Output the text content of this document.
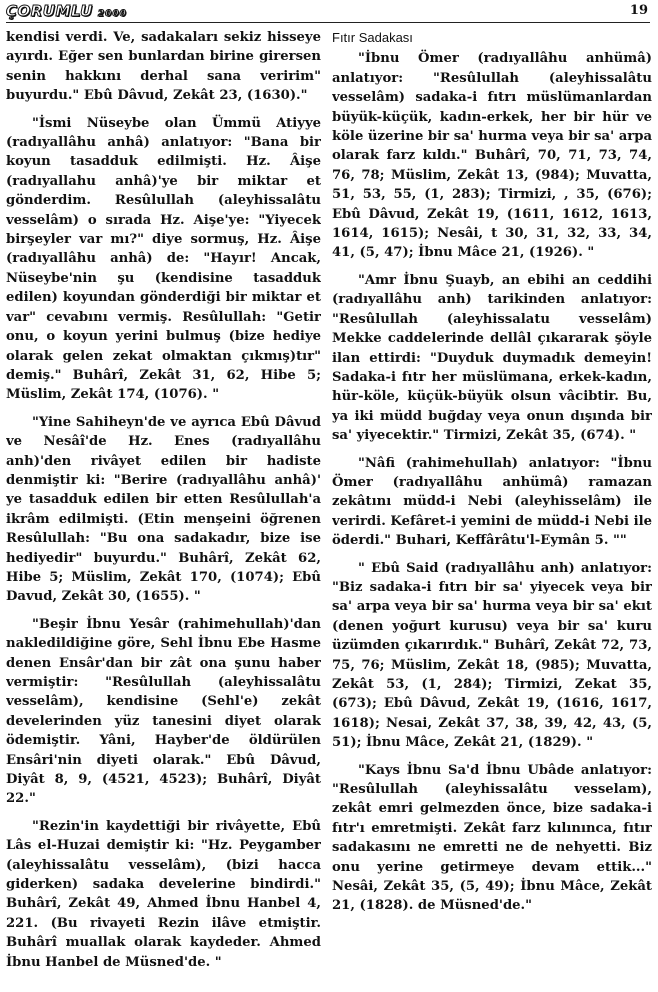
ÇORUMLU 2000	19

kendisi verdi. Ve, sadakaları sekiz hisseye ayırdı. Eğer sen bunlardan birine girersen senin hakkını derhal sana veririm" buyurdu." Ebû Dâvud, Zekât 23, (1630)."

"İsmi Nüseybe olan Ümmü Atiyye (radıyallâhu anhâ) anlatıyor: "Bana bir koyun tasadduk edilmişti. Hz. Âişe (radıyallahu anhâ)'ye bir miktar et gönderdim. Resûlullah (aleyhissalâtu vesselâm) o sırada Hz. Aişe'ye: "Yiyecek birşeyler var mı?" diye sormuş, Hz. Âişe (radıyallâhu anhâ) de: "Hayır! Ancak, Nüseybe'nin şu (kendisine tasadduk edilen) koyundan gönderdiği bir miktar et var" cevabını vermiş. Resûlullah: "Getir onu, o koyun yerini bulmuş (bize hediye olarak gelen zekat olmaktan çıkmış)tır" demiş." Buhârî, Zekât 31, 62, Hibe 5; Müslim, Zekât 174, (1076). "

"Yine Sahiheyn'de ve ayrıca Ebû Dâvud ve Nesâî'de Hz. Enes (radıyallâhu anh)'den rivâyet edilen bir hadiste denmiştir ki: "Berire (radıyallâhu anhâ)' ye tasadduk edilen bir etten Resûlullah'a ikrâm edilmişti. (Etin menşeini öğrenen Resûlullah: "Bu ona sadakadır, bize ise hediyedir" buyurdu." Buhârî, Zekât 62, Hibe 5; Müslim, Zekât 170, (1074); Ebû Davud, Zekât 30, (1655). "

"Beşir İbnu Yesâr (rahimehullah)'dan nakledildiğine göre, Sehl İbnu Ebe Hasme denen Ensâr'dan bir zât ona şunu haber vermiştir: "Resûlullah (aleyhissalâtu vesselâm), kendisine (Sehl'e) zekât develerinden yüz tanesini diyet olarak ödemiştir. Yâni, Hayber'de öldürülen Ensâri'nin diyeti olarak." Ebû Dâvud, Diyât 8, 9, (4521, 4523); Buhârî, Diyât 22."

"Rezin'in kaydettiği bir rivâyette, Ebû Lâs el-Huzai demiştir ki: "Hz. Peygamber (aleyhissalâtu vesselâm), (bizi hacca giderken) sadaka develerine bindirdi." Buhârî, Zekât 49, Ahmed İbnu Hanbel 4, 221. (Bu rivayeti Rezin ilâve etmiştir. Buhârî muallak olarak kaydeder. Ahmed İbnu Hanbel de Müsned'de. "

Fıtır Sadakası

"İbnu Ömer (radıyallâhu anhümâ) anlatıyor: "Resûlullah (aleyhissalâtu vesselâm) sadaka-i fıtrı müslümanlardan büyük-küçük, kadın-erkek, her bir hür ve köle üzerine bir sa' hurma veya bir sa' arpa olarak farz kıldı." Buhârî, 70, 71, 73, 74, 76, 78; Müslim, Zekât 13, (984); Muvatta, 51, 53, 55, (1, 283); Tirmizi, , 35, (676); Ebû Dâvud, Zekât 19, (1611, 1612, 1613, 1614, 1615); Nesâi, t 30, 31, 32, 33, 34, 41, (5, 47); İbnu Mâce 21, (1926). "

"Amr İbnu Şuayb, an ebihi an ceddihi (radıyallâhu anh) tarikinden anlatıyor: "Resûlullah (aleyhissalatu vesselâm) Mekke caddelerinde dellâl çıkararak şöyle ilan ettirdi: "Duyduk duymadık demeyin! Sadaka-i fıtr her müslümana, erkek-kadın, hür-köle, küçük-büyük olsun vâcibtir. Bu, ya iki müdd buğday veya onun dışında bir sa' yiyecektir." Tirmizi, Zekât 35, (674). "

"Nâfi (rahimehullah) anlatıyor: "İbnu Ömer (radıyallâhu anhümâ) ramazan zekâtını müdd-i Nebi (aleyhisselâm) ile verirdi. Kefâret-i yemini de müdd-i Nebi ile öderdi." Buhari, Keffârâtu'l-Eymân 5. ""

" Ebû Said (radıyallâhu anh) anlatıyor: "Biz sadaka-i fıtrı bir sa' yiyecek veya bir sa' arpa veya bir sa' hurma veya bir sa' ekıt (denen yoğurt kurusu) veya bir sa' kuru üzümden çıkarırdık." Buhârî, Zekât 72, 73, 75, 76; Müslim, Zekât 18, (985); Muvatta, Zekât 53, (1, 284); Tirmizi, Zekat 35, (673); Ebû Dâvud, Zekât 19, (1616, 1617, 1618); Nesai, Zekât 37, 38, 39, 42, 43, (5, 51); İbnu Mâce, Zekât 21, (1829). "

"Kays İbnu Sa'd İbnu Ubâde anlatıyor: "Resûlullah (aleyhissalâtu vesselam), zekât emri gelmezden önce, bize sadaka-i fıtr'ı emretmişti. Zekât farz kılınınca, fıtır sadakasını ne emretti ne de nehyetti. Biz onu yerine getirmeye devam ettik..." Nesâi, Zekât 35, (5, 49); İbnu Mâce, Zekât 21, (1828). de Müsned'de."
